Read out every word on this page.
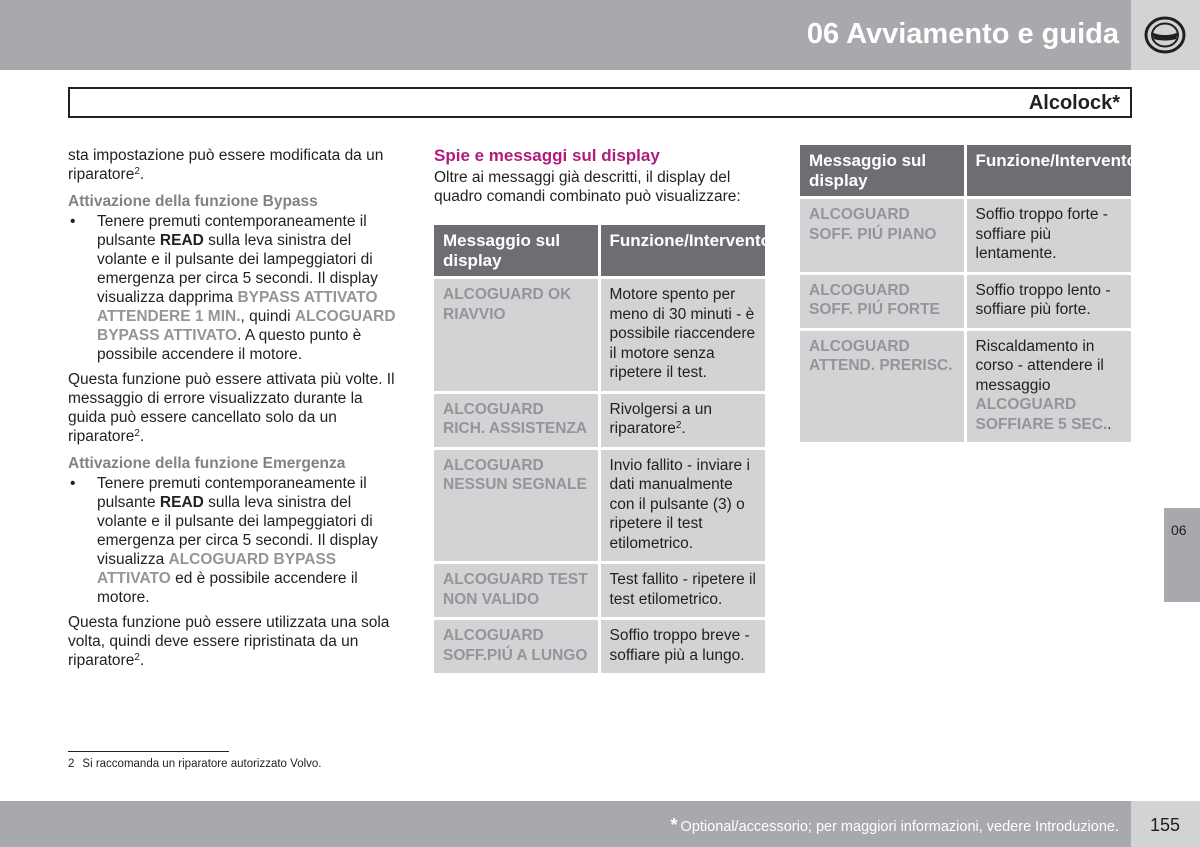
06 Avviamento e guida
Alcolock*

sta impostazione può essere modificata da un riparatore$^2$.

Attivazione della funzione Bypass
• Tenere premuti contemporaneamente il pulsante READ sulla leva sinistra del volante e il pulsante dei lampeggiatori di emergenza per circa 5 secondi. Il display visualizza dapprima BYPASS ATTIVATO ATTENDERE 1 MIN., quindi ALCOGUARD BYPASS ATTIVATO. A questo punto è possibile accendere il motore.

Questa funzione può essere attivata più volte. Il messaggio di errore visualizzato durante la guida può essere cancellato solo da un riparatore$^2$.

Attivazione della funzione Emergenza
• Tenere premuti contemporaneamente il pulsante READ sulla leva sinistra del volante e il pulsante dei lampeggiatori di emergenza per circa 5 secondi. Il display visualizza ALCOGUARD BYPASS ATTIVATO ed è possibile accendere il motore.

Questa funzione può essere utilizzata una sola volta, quindi deve essere ripristinata da un riparatore$^2$.

Spie e messaggi sul display

Oltre ai messaggi già descritti, il display del quadro comandi combinato può visualizzare:

Messaggio sul display	Funzione/Intervento
ALCOGUARD OK RIAVVIO	Motore spento per meno di 30 minuti - è possibile riaccendere il motore senza ripetere il test.
ALCOGUARD RICH. ASSISTENZA	Rivolgersi a un riparatore$^2$.
ALCOGUARD NESSUN SEGNALE	Invio fallito - inviare i dati manualmente con il pulsante (3) o ripetere il test etilometrico.
ALCOGUARD TEST NON VALIDO	Test fallito - ripetere il test etilometrico.
ALCOGUARD SOFF.PIÚ A LUNGO	Soffio troppo breve - soffiare più a lungo.
Messaggio sul display	Funzione/Intervento
ALCOGUARD SOFF. PIÚ PIANO	Soffio troppo forte - soffiare più lentamente.
ALCOGUARD SOFF. PIÚ FORTE	Soffio troppo lento - soffiare più forte.
ALCOGUARD ATTEND. PRERISC.	Riscaldamento in corso - attendere il messaggio ALCOGUARD SOFFIARE 5 SEC..
06
2 Si raccomanda un riparatore autorizzato Volvo.
* Optional/accessorio; per maggiori informazioni, vedere Introduzione. 155
